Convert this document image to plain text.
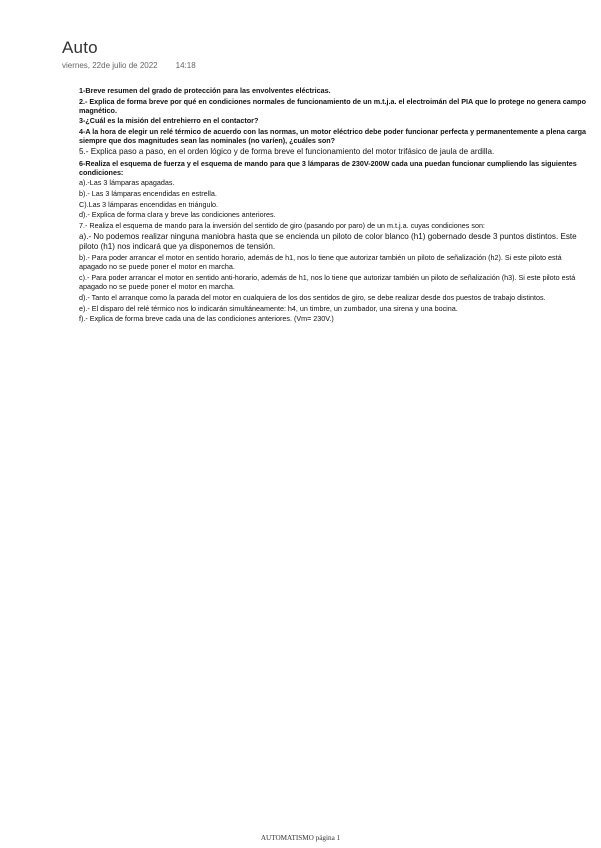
Auto
viernes, 22de julio de 2022 14:18

1-Breve resumen del grado de protección para las envolventes eléctricas.

2.- Explica de forma breve por qué en condiciones normales de funcionamiento de un m.t.j.a. el electroimán del PIA que lo protege no genera campo magnético.

3-¿Cuál es la misión del entrehierro en el contactor?

4-A la hora de elegir un relé térmico de acuerdo con las normas, un motor eléctrico debe poder funcionar perfecta y permanentemente a plena carga siempre que dos magnitudes sean las nominales (no varíen), ¿cuáles son?

5.- Explica paso a paso, en el orden lógico y de forma breve el funcionamiento del motor trifásico de jaula de ardilla.

6-Realiza el esquema de fuerza y el esquema de mando para que 3 lámparas de 230V-200W cada una puedan funcionar cumpliendo las siguientes condiciones:

a).-Las 3 lámparas apagadas.

b).- Las 3 lámparas encendidas en estrella.

C).Las 3 lámparas encendidas en triángulo.

d).- Explica de forma clara y breve las condiciones anteriores.

7.- Realiza el esquema de mando para la inversión del sentido de giro (pasando por paro) de un m.t.j.a. cuyas condiciones son:

a).- No podemos realizar ninguna maniobra hasta que se encienda un piloto de color blanco (h1) gobernado desde 3 puntos distintos. Este piloto (h1) nos indicará que ya disponemos de tensión.

b).- Para poder arrancar el motor en sentido horario, además de h1, nos lo tiene que autorizar también un piloto de señalización (h2). Si este piloto está apagado no se puede poner el motor en marcha.

c).- Para poder arrancar el motor en sentido anti-horario, además de h1, nos lo tiene que autorizar también un piloto de señalización (h3). Si este piloto está apagado no se puede poner el motor en marcha.

d).- Tanto el arranque como la parada del motor en cualquiera de los dos sentidos de giro, se debe realizar desde dos puestos de trabajo distintos.

e).- El disparo del relé térmico nos lo indicarán simultáneamente: h4, un timbre, un zumbador, una sirena y una bocina.

f).- Explica de forma breve cada una de las condiciones anteriores. (Vm= 230V.)

AUTOMATISMO página 1
